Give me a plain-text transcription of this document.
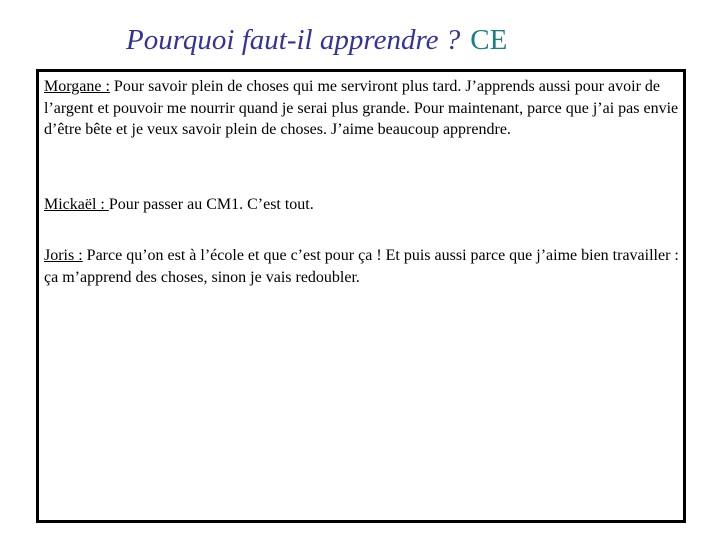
Pourquoi faut-il apprendre ? CE

Morgane : Pour savoir plein de choses qui me serviront plus tard. J’apprends aussi pour avoir de l’argent et pouvoir me nourrir quand je serai plus grande. Pour maintenant, parce que j’ai pas envie d’être bête et je veux savoir plein de choses. J’aime beaucoup apprendre.

Mickaël : Pour passer au CM1. C’est tout.

Joris : Parce qu’on est à l’école et que c’est pour ça ! Et puis aussi parce que j’aime bien travailler : ça m’apprend des choses, sinon je vais redoubler.
